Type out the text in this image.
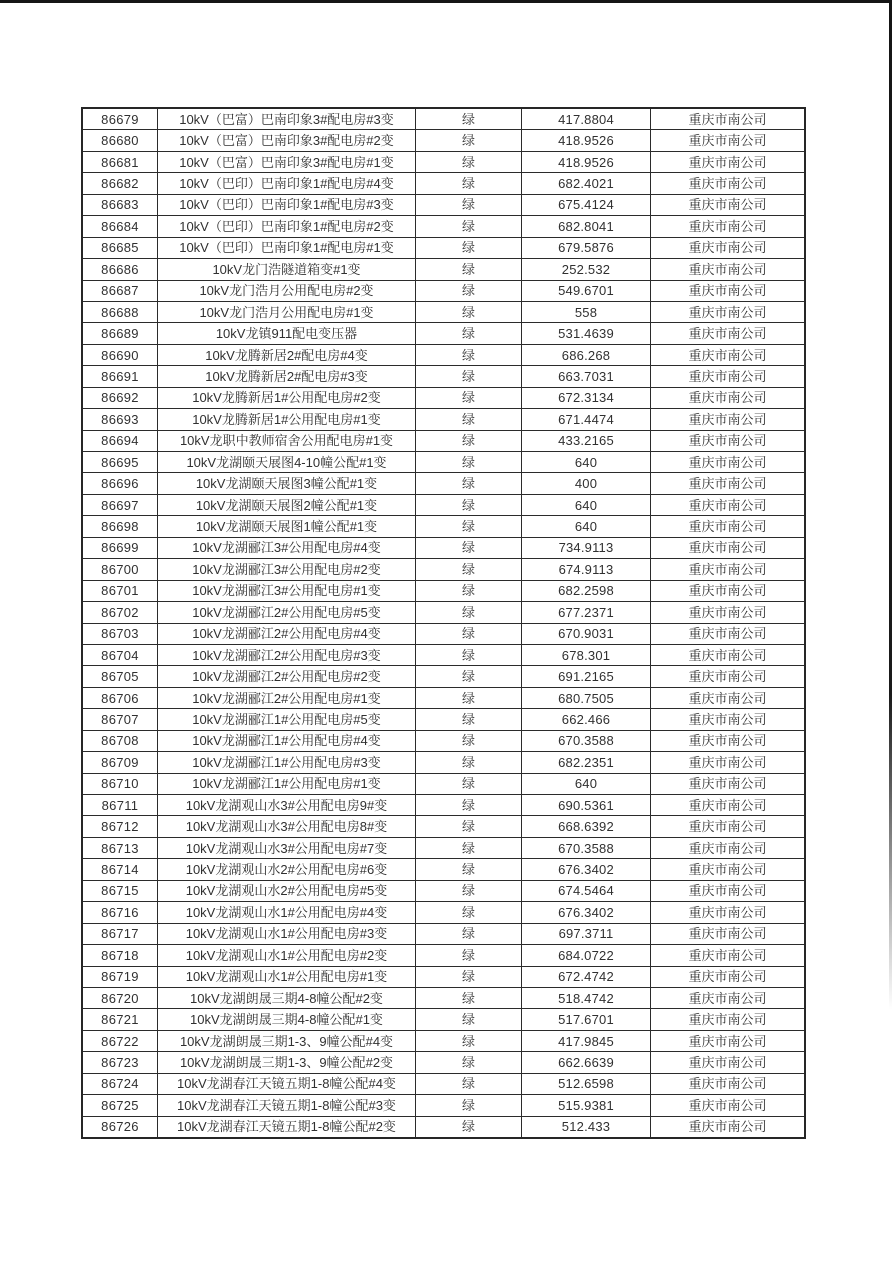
86679	10kV（巴富）巴南印象3#配电房#3变	绿	417.8804	重庆市南公司
86680	10kV（巴富）巴南印象3#配电房#2变	绿	418.9526	重庆市南公司
86681	10kV（巴富）巴南印象3#配电房#1变	绿	418.9526	重庆市南公司
86682	10kV（巴印）巴南印象1#配电房#4变	绿	682.4021	重庆市南公司
86683	10kV（巴印）巴南印象1#配电房#3变	绿	675.4124	重庆市南公司
86684	10kV（巴印）巴南印象1#配电房#2变	绿	682.8041	重庆市南公司
86685	10kV（巴印）巴南印象1#配电房#1变	绿	679.5876	重庆市南公司
86686	10kV龙门浩隧道箱变#1变	绿	252.532	重庆市南公司
86687	10kV龙门浩月公用配电房#2变	绿	549.6701	重庆市南公司
86688	10kV龙门浩月公用配电房#1变	绿	558	重庆市南公司
86689	10kV龙镇911配电变压器	绿	531.4639	重庆市南公司
86690	10kV龙腾新居2#配电房#4变	绿	686.268	重庆市南公司
86691	10kV龙腾新居2#配电房#3变	绿	663.7031	重庆市南公司
86692	10kV龙腾新居1#公用配电房#2变	绿	672.3134	重庆市南公司
86693	10kV龙腾新居1#公用配电房#1变	绿	671.4474	重庆市南公司
86694	10kV龙职中教师宿舍公用配电房#1变	绿	433.2165	重庆市南公司
86695	10kV龙湖颐天展图4-10幢公配#1变	绿	640	重庆市南公司
86696	10kV龙湖颐天展图3幢公配#1变	绿	400	重庆市南公司
86697	10kV龙湖颐天展图2幢公配#1变	绿	640	重庆市南公司
86698	10kV龙湖颐天展图1幢公配#1变	绿	640	重庆市南公司
86699	10kV龙湖郦江3#公用配电房#4变	绿	734.9113	重庆市南公司
86700	10kV龙湖郦江3#公用配电房#2变	绿	674.9113	重庆市南公司
86701	10kV龙湖郦江3#公用配电房#1变	绿	682.2598	重庆市南公司
86702	10kV龙湖郦江2#公用配电房#5变	绿	677.2371	重庆市南公司
86703	10kV龙湖郦江2#公用配电房#4变	绿	670.9031	重庆市南公司
86704	10kV龙湖郦江2#公用配电房#3变	绿	678.301	重庆市南公司
86705	10kV龙湖郦江2#公用配电房#2变	绿	691.2165	重庆市南公司
86706	10kV龙湖郦江2#公用配电房#1变	绿	680.7505	重庆市南公司
86707	10kV龙湖郦江1#公用配电房#5变	绿	662.466	重庆市南公司
86708	10kV龙湖郦江1#公用配电房#4变	绿	670.3588	重庆市南公司
86709	10kV龙湖郦江1#公用配电房#3变	绿	682.2351	重庆市南公司
86710	10kV龙湖郦江1#公用配电房#1变	绿	640	重庆市南公司
86711	10kV龙湖观山水3#公用配电房9#变	绿	690.5361	重庆市南公司
86712	10kV龙湖观山水3#公用配电房8#变	绿	668.6392	重庆市南公司
86713	10kV龙湖观山水3#公用配电房#7变	绿	670.3588	重庆市南公司
86714	10kV龙湖观山水2#公用配电房#6变	绿	676.3402	重庆市南公司
86715	10kV龙湖观山水2#公用配电房#5变	绿	674.5464	重庆市南公司
86716	10kV龙湖观山水1#公用配电房#4变	绿	676.3402	重庆市南公司
86717	10kV龙湖观山水1#公用配电房#3变	绿	697.3711	重庆市南公司
86718	10kV龙湖观山水1#公用配电房#2变	绿	684.0722	重庆市南公司
86719	10kV龙湖观山水1#公用配电房#1变	绿	672.4742	重庆市南公司
86720	10kV龙湖朗晟三期4-8幢公配#2变	绿	518.4742	重庆市南公司
86721	10kV龙湖朗晟三期4-8幢公配#1变	绿	517.6701	重庆市南公司
86722	10kV龙湖朗晟三期1-3、9幢公配#4变	绿	417.9845	重庆市南公司
86723	10kV龙湖朗晟三期1-3、9幢公配#2变	绿	662.6639	重庆市南公司
86724	10kV龙湖春江天镜五期1-8幢公配#4变	绿	512.6598	重庆市南公司
86725	10kV龙湖春江天镜五期1-8幢公配#3变	绿	515.9381	重庆市南公司
86726	10kV龙湖春江天镜五期1-8幢公配#2变	绿	512.433	重庆市南公司
